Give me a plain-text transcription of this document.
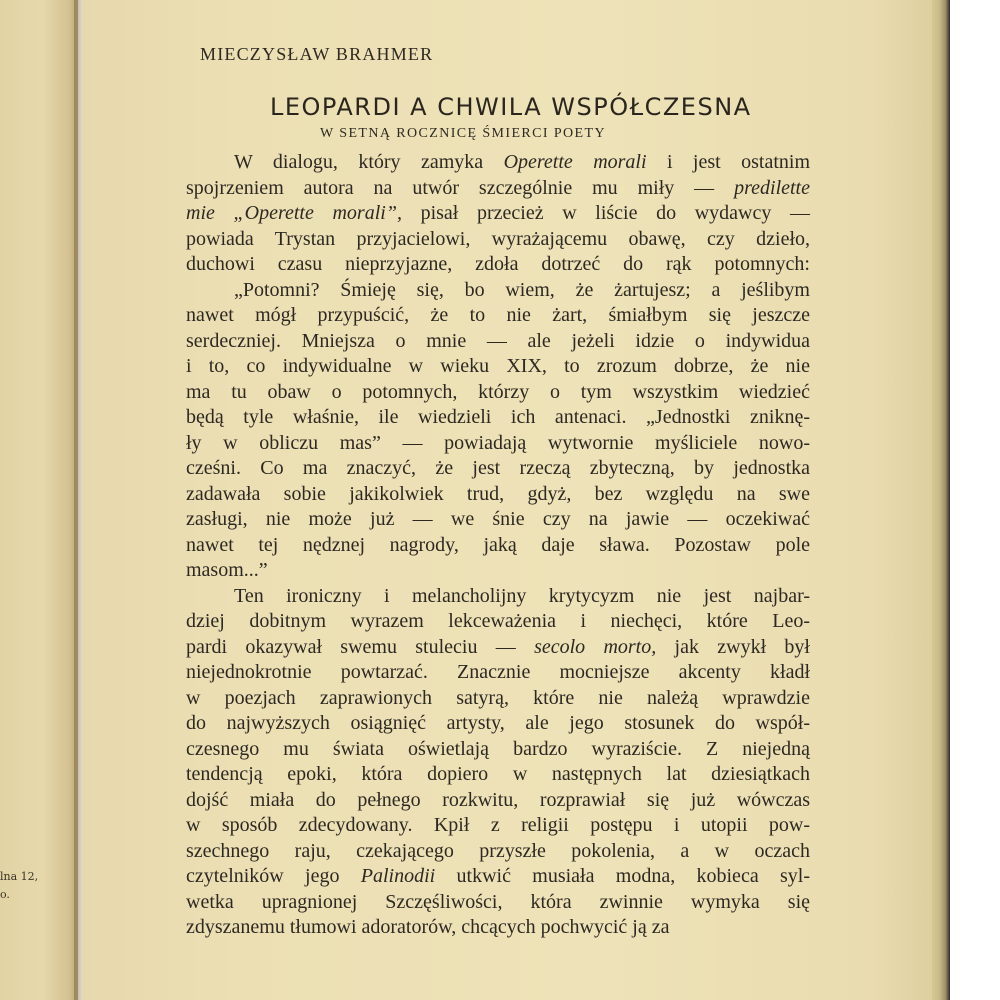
lna 12,
o.
MIECZYSŁAW BRAHMER
LEOPARDI A CHWILA WSPÓŁCZESNA
W SETNĄ ROCZNICĘ ŚMIERCI POETY
W dialogu, który zamyka Operette morali i jest ostatnim
spojrzeniem autora na utwór szczególnie mu miły — predilette
mie „Operette morali”, pisał przecież w liście do wydawcy —
powiada Trystan przyjacielowi, wyrażającemu obawę, czy dzieło,
duchowi czasu nieprzyjazne, zdoła dotrzeć do rąk potomnych:
„Potomni? Śmieję się, bo wiem, że żartujesz; a jeślibym
nawet mógł przypuścić, że to nie żart, śmiałbym się jeszcze
serdeczniej. Mniejsza o mnie — ale jeżeli idzie o indywidua
i to, co indywidualne w wieku XIX, to zrozum dobrze, że nie
ma tu obaw o potomnych, którzy o tym wszystkim wiedzieć
będą tyle właśnie, ile wiedzieli ich antenaci. „Jednostki zniknę-
ły w obliczu mas” — powiadają wytwornie myśliciele nowo-
cześni. Co ma znaczyć, że jest rzeczą zbyteczną, by jednostka
zadawała sobie jakikolwiek trud, gdyż, bez względu na swe
zasługi, nie może już — we śnie czy na jawie — oczekiwać
nawet tej nędznej nagrody, jaką daje sława. Pozostaw pole
masom...”
Ten ironiczny i melancholijny krytycyzm nie jest najbar-
dziej dobitnym wyrazem lekceważenia i niechęci, które Leo-
pardi okazywał swemu stuleciu — secolo morto, jak zwykł był
niejednokrotnie powtarzać. Znacznie mocniejsze akcenty kładł
w poezjach zaprawionych satyrą, które nie należą wprawdzie
do najwyższych osiągnięć artysty, ale jego stosunek do współ-
czesnego mu świata oświetlają bardzo wyraziście. Z niejedną
tendencją epoki, która dopiero w następnych lat dziesiątkach
dojść miała do pełnego rozkwitu, rozprawiał się już wówczas
w sposób zdecydowany. Kpił z religii postępu i utopii pow-
szechnego raju, czekającego przyszłe pokolenia, a w oczach
czytelników jego Palinodii utkwić musiała modna, kobieca syl-
wetka upragnionej Szczęśliwości, która zwinnie wymyka się
zdyszanemu tłumowi adoratorów, chcących pochwycić ją za
